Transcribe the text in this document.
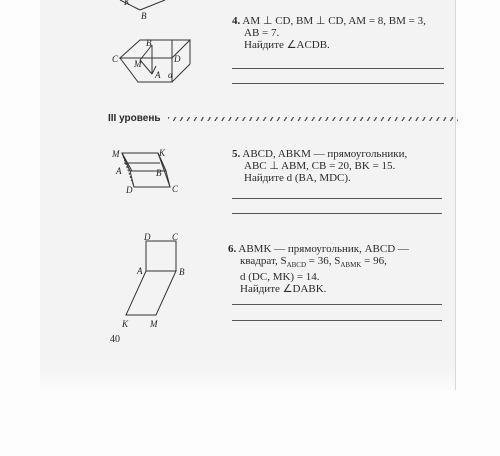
K
B
B
C	D
M
A α
4. AM ⊥ CD, BM ⊥ CD, AM = 8, BM = 3,
AB = 7.
Найдите ∠ACDB.
III уровень
M	K
A	B
D	C
5. ABCD, ABKM — прямоугольники,
ABC ⊥ ABM, CB = 20, BK = 15.
Найдите d (BA, MDC).
D C
A	B
K M
6. ABMK — прямоугольник, ABCD —
квадрат, $S_{ABCD} = 36$, $S_{ABMK} = 96$,
d (DC, MK) = 14.
Найдите ∠DABK.
40
